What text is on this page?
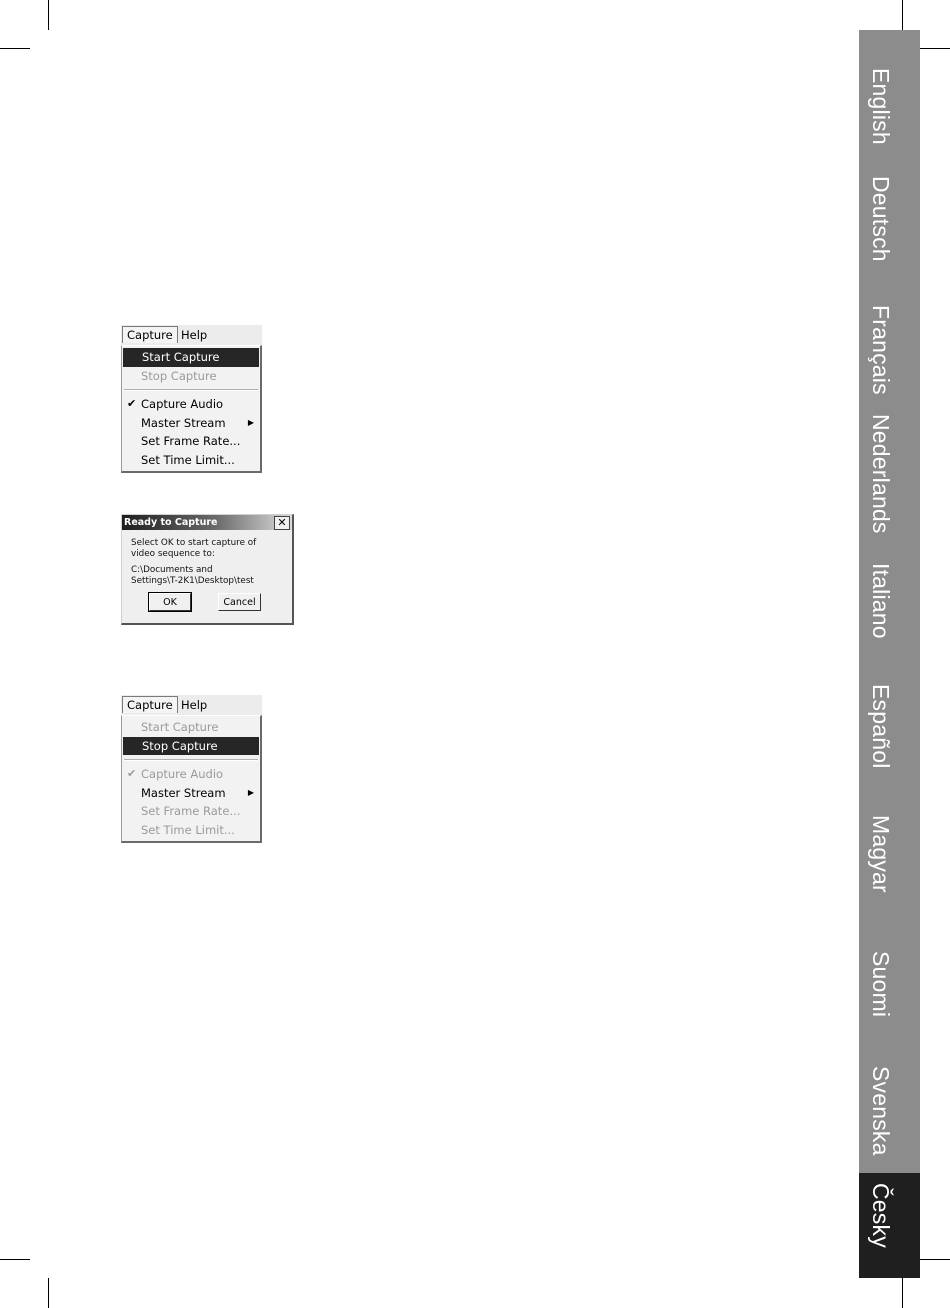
Capture Help
Start Capture
Stop Capture
✔ Capture Audio
Master Stream	▶
Set Frame Rate...
Set Time Limit...
Ready to Capture	✕
Select OK to start capture of
video sequence to:
C:\Documents and
Settings\T-2K1\Desktop\test
OK	Cancel
Capture Help
Start Capture
Stop Capture
✔ Capture Audio
Master Stream	▶
Set Frame Rate...
Set Time Limit...
English
Deutsch
Français
Nederlands
Italiano
Español
Magyar
Suomi
Svenska
Česky
